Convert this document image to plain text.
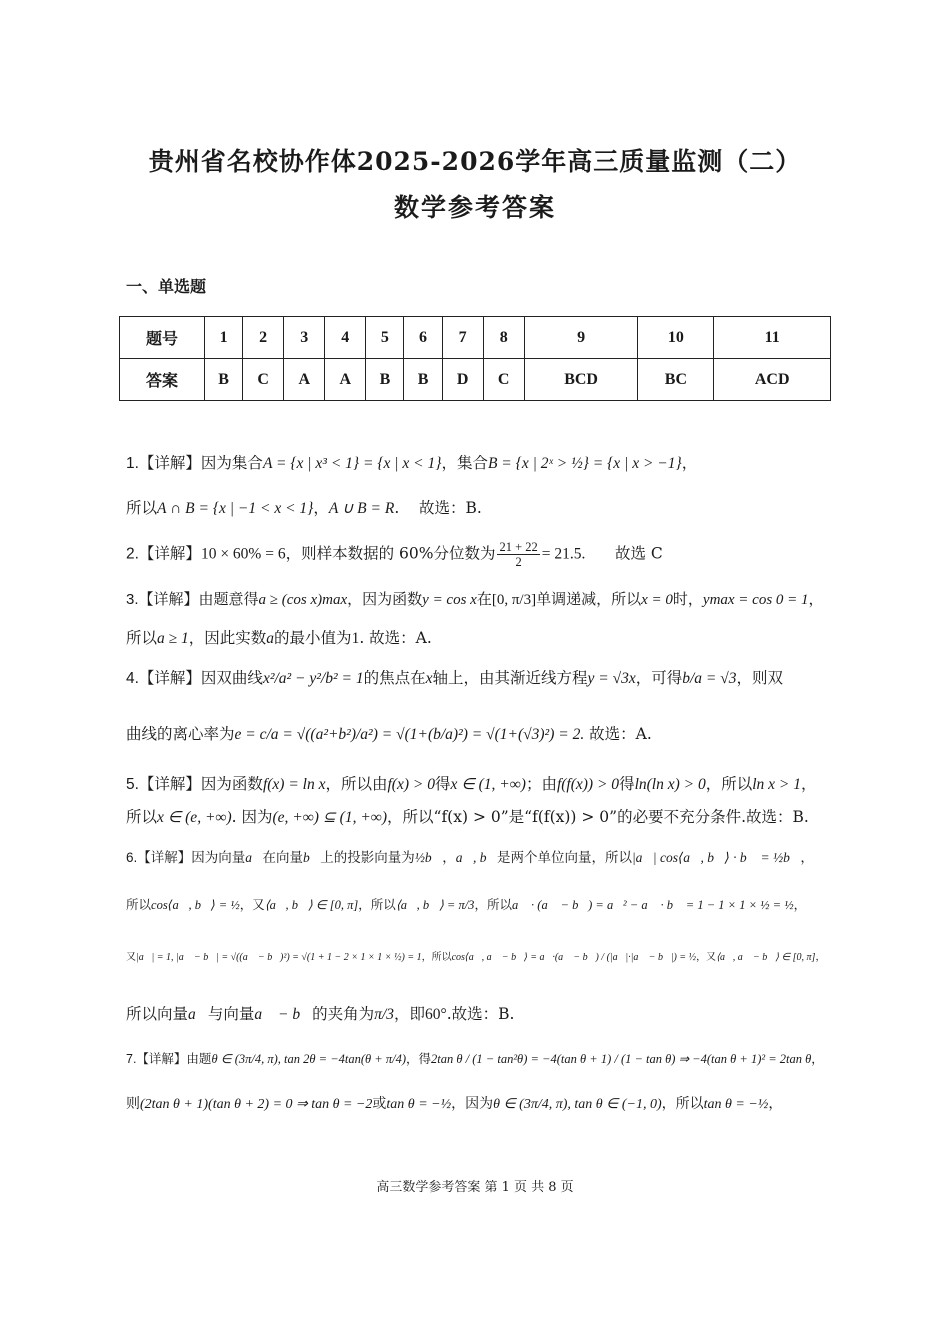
贵州省名校协作体2025-2026学年高三质量监测（二）
数学参考答案
一、单选题
题号	1	2	3	4	5	6	7	8	9	10	11
答案	B	C	A	A	B	B	D	C	BCD	BC	ACD
1.【详解】因为集合A = {x | x³ < 1} = {x | x < 1}，集合B = {x | 2ˣ > ½} = {x | x > −1}，
所以A ∩ B = {x | −1 < x < 1}，A ∪ B = R.    故选：B.
2.【详解】10 × 60% = 6，则样本数据的 60%分位数为 $\frac{21 + 22}{2} = 21.5$. 故选 C
3.【详解】由题意得a ≥ (cos x)max，因为函数y = cos x在[0, π/3]单调递减，所以x = 0时，ymax = cos 0 = 1，
所以a ≥ 1，因此实数a的最小值为1. 故选：A.
4.【详解】因双曲线x²/a² − y²/b² = 1的焦点在x轴上，由其渐近线方程y = √3x，可得b/a = √3，则双
曲线的离心率为e = c/a = √((a²+b²)/a²) = √(1+(b/a)²) = √(1+(√3)²) = 2. 故选：A.
5.【详解】因为函数f(x) = ln x，所以由f(x) > 0得x ∈ (1, +∞)；由f(f(x)) > 0得ln(ln x) > 0，所以ln x > 1，
所以x ∈ (e, +∞). 因为(e, +∞) ⊆ (1, +∞)，所以“f(x) > 0”是“f(f(x)) > 0”的必要不充分条件.故选：B.
6.【详解】因为向量a⃗在向量b⃗上的投影向量为½b⃗，a⃗, b⃗是两个单位向量，所以|a⃗| cos⟨a⃗, b⃗⟩ · b⃗ = ½b⃗，
所以cos⟨a⃗, b⃗⟩ = ½，又⟨a⃗, b⃗⟩ ∈ [0, π]，所以⟨a⃗, b⃗⟩ = π/3，所以a⃗ · (a⃗ − b⃗) = a⃗² − a⃗ · b⃗ = 1 − 1 × 1 × ½ = ½，
又|a⃗| = 1, |a⃗ − b⃗| = √((a⃗ − b⃗)²) = √(1 + 1 − 2 × 1 × 1 × ½) = 1，所以cos⟨a⃗, a⃗ − b⃗⟩ = a⃗·(a⃗ − b⃗) / (|a⃗|·|a⃗ − b⃗|) = ½，又⟨a⃗, a⃗ − b⃗⟩ ∈ [0, π]，
所以向量a⃗与向量a⃗ − b⃗的夹角为π/3，即60°.故选：B.
7.【详解】由题θ ∈ (3π/4, π), tan 2θ = −4tan(θ + π/4)，得2tan θ / (1 − tan²θ) = −4(tan θ + 1) / (1 − tan θ) ⇒ −4(tan θ + 1)² = 2tan θ，
则(2tan θ + 1)(tan θ + 2) = 0 ⇒ tan θ = −2或tan θ = −½，因为θ ∈ (3π/4, π), tan θ ∈ (−1, 0)，所以tan θ = −½，
高三数学参考答案 第 1 页 共 8 页
